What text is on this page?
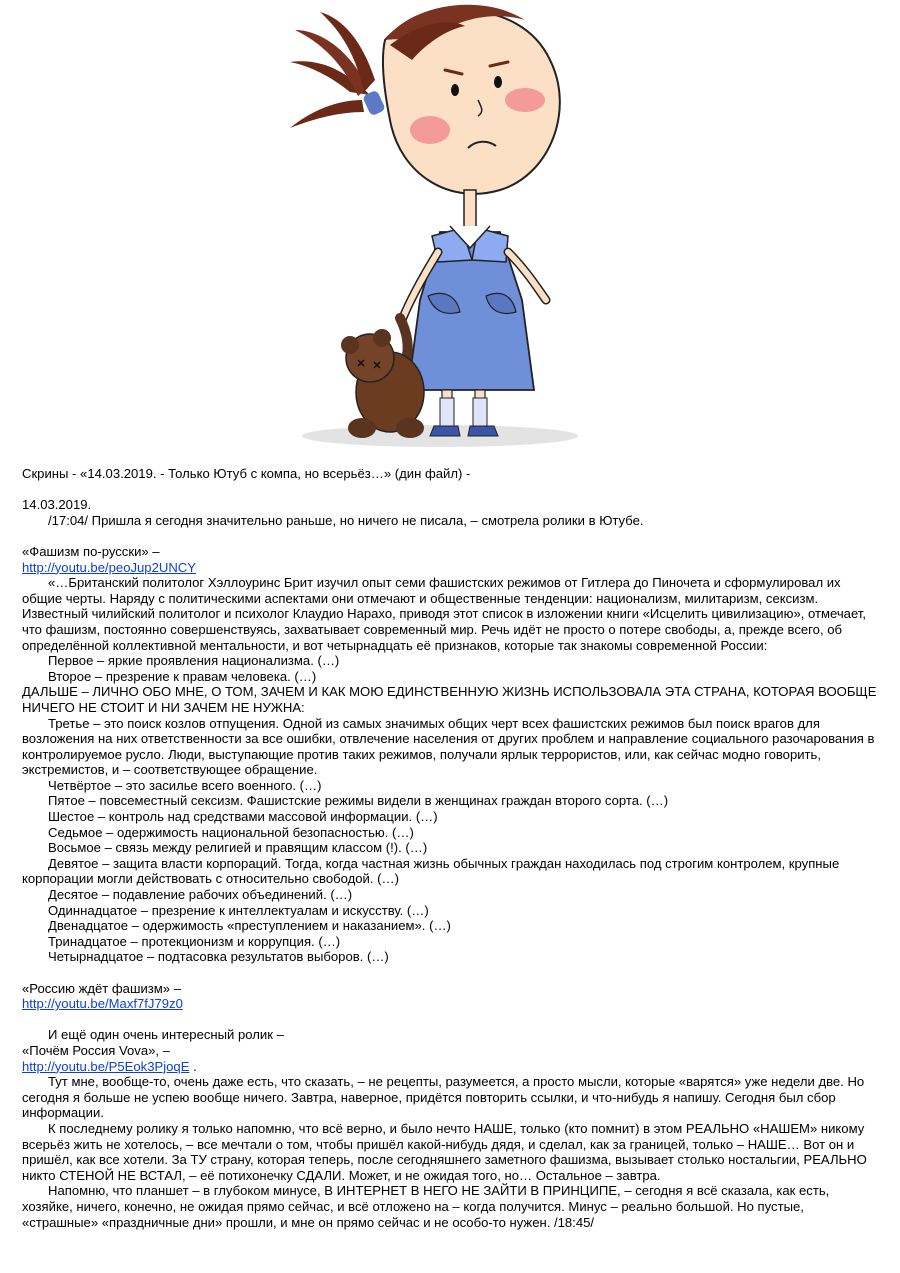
Скрины - «14.03.2019. - Только Ютуб с компа, но всерьёз…» (дин файл) -

14.03.2019.

/17:04/ Пришла я сегодня значительно раньше, но ничего не писала, – смотрела ролики в Ютубе.

«Фашизм по-русски» –

http://youtu.be/peoJup2UNCY

«…Британский политолог Хэллоуринс Брит изучил опыт семи фашистских режимов от Гитлера до Пиночета и сформулировал их общие черты. Наряду с политическими аспектами они отмечают и общественные тенденции: национализм, милитаризм, сексизм. Известный чилийский политолог и психолог Клаудио Нарахо, приводя этот список в изложении книги «Исцелить цивилизацию», отмечает, что фашизм, постоянно совершенствуясь, захватывает современный мир. Речь идёт не просто о потере свободы, а, прежде всего, об определённой коллективной ментальности, и вот четырнадцать её признаков, которые так знакомы современной России:

Первое – яркие проявления национализма. (…)

Второе – презрение к правам человека. (…)

ДАЛЬШЕ – ЛИЧНО ОБО МНЕ, О ТОМ, ЗАЧЕМ И КАК МОЮ ЕДИНСТВЕННУЮ ЖИЗНЬ ИСПОЛЬЗОВАЛА ЭТА СТРАНА, КОТОРАЯ ВООБЩЕ НИЧЕГО НЕ СТОИТ И НИ ЗАЧЕМ НЕ НУЖНА:

Третье – это поиск козлов отпущения. Одной из самых значимых общих черт всех фашистских режимов был поиск врагов для возложения на них ответственности за все ошибки, отвлечение населения от других проблем и направление социального разочарования в контролируемое русло. Люди, выступающие против таких режимов, получали ярлык террористов, или, как сейчас модно говорить, экстремистов, и – соответствующее обращение.

Четвёртое – это засилье всего военного. (…)

Пятое – повсеместный сексизм. Фашистские режимы видели в женщинах граждан второго сорта. (…)

Шестое – контроль над средствами массовой информации. (…)

Седьмое – одержимость национальной безопасностью. (…)

Восьмое – связь между религией и правящим классом (!). (…)

Девятое – защита власти корпораций. Тогда, когда частная жизнь обычных граждан находилась под строгим контролем, крупные корпорации могли действовать с относительно свободой. (…)

Десятое – подавление рабочих объединений. (…)

Одиннадцатое – презрение к интеллектуалам и искусству. (…)

Двенадцатое – одержимость «преступлением и наказанием». (…)

Тринадцатое – протекционизм и коррупция. (…)

Четырнадцатое – подтасовка результатов выборов. (…)

«Россию ждёт фашизм» –

http://youtu.be/Maxf7fJ79z0

И ещё один очень интересный ролик –

«Почём Россия Vova», –

http://youtu.be/P5Eok3PjoqE .

Тут мне, вообще-то, очень даже есть, что сказать, – не рецепты, разумеется, а просто мысли, которые «варятся» уже недели две. Но сегодня я больше не успею вообще ничего. Завтра, наверное, придётся повторить ссылки, и что-нибудь я напишу. Сегодня был сбор информации.

К последнему ролику я только напомню, что всё верно, и было нечто НАШЕ, только (кто помнит) в этом РЕАЛЬНО «НАШЕМ» никому всерьёз жить не хотелось, – все мечтали о том, чтобы пришёл какой-нибудь дядя, и сделал, как за границей, только – НАШЕ… Вот он и пришёл, как все хотели. За ТУ страну, которая теперь, после сегодняшнего заметного фашизма, вызывает столько ностальгии, РЕАЛЬНО никто СТЕНОЙ НЕ ВСТАЛ, – её потихонечку СДАЛИ. Может, и не ожидая того, но… Остальное – завтра.

Напомню, что планшет – в глубоком минусе, В ИНТЕРНЕТ В НЕГО НЕ ЗАЙТИ В ПРИНЦИПЕ, – сегодня я всё сказала, как есть, хозяйке, ничего, конечно, не ожидая прямо сейчас, и всё отложено на – когда получится. Минус – реально большой. Но пустые, «страшные» «праздничные дни» прошли, и мне он прямо сейчас и не особо-то нужен. /18:45/
